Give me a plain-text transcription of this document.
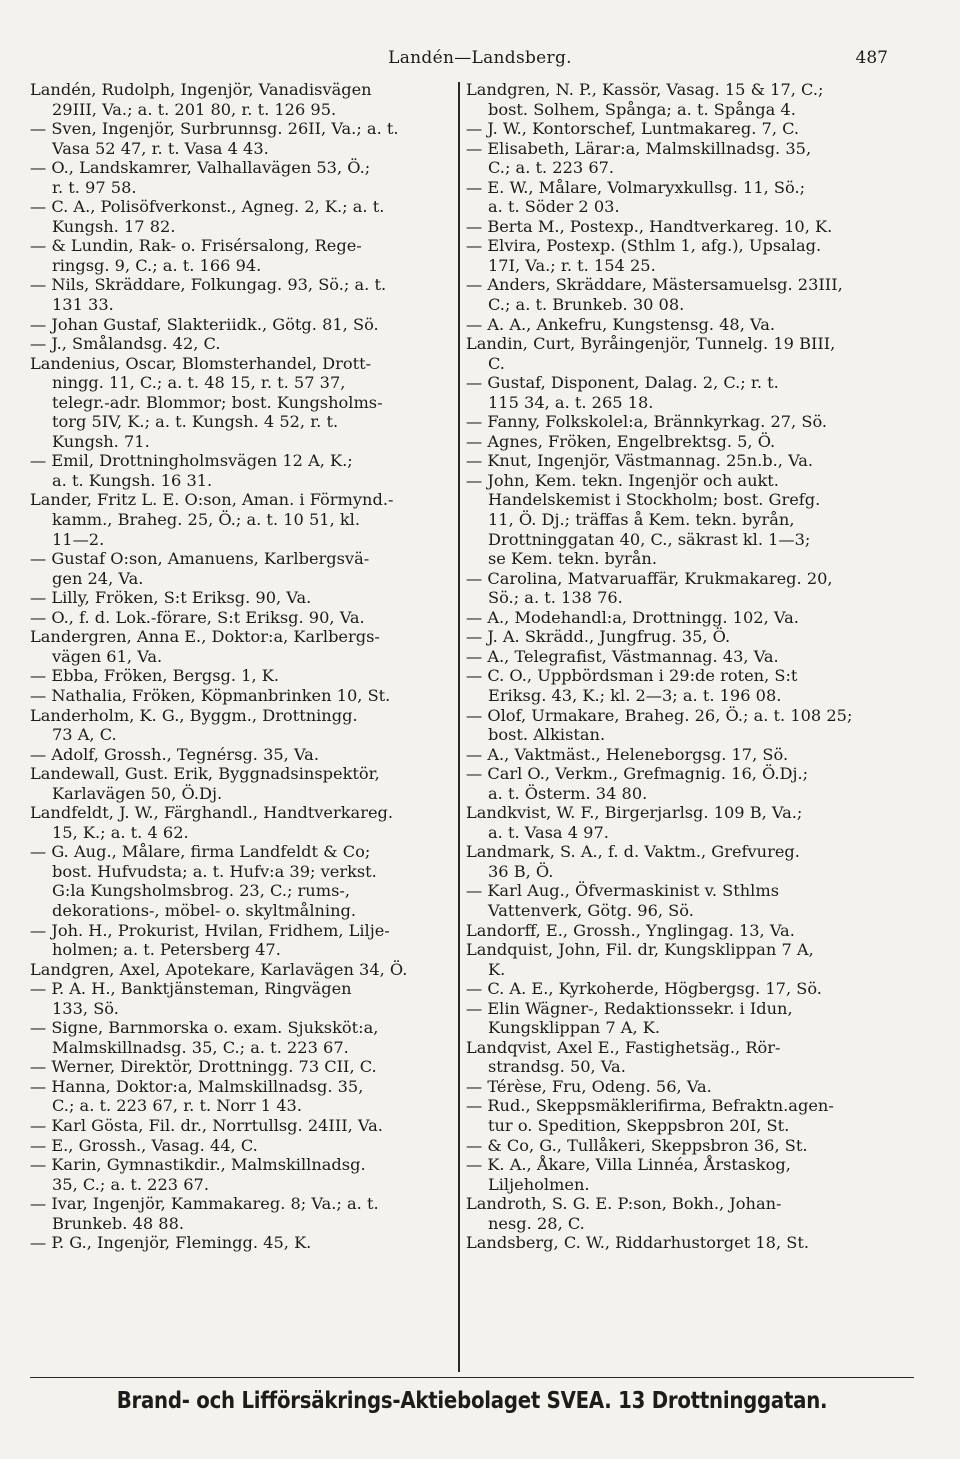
Landén—Landsberg.	487
Landén, Rudolph, Ingenjör, Vanadisvägen
29III, Va.; a. t. 201 80, r. t. 126 95.
— Sven, Ingenjör, Surbrunnsg. 26II, Va.; a. t.
Vasa 52 47, r. t. Vasa 4 43.
— O., Landskamrer, Valhallavägen 53, Ö.;
r. t. 97 58.
— C. A., Polisöfverkonst., Agneg. 2, K.; a. t.
Kungsh. 17 82.
— & Lundin, Rak- o. Frisérsalong, Rege-
ringsg. 9, C.; a. t. 166 94.
— Nils, Skräddare, Folkungag. 93, Sö.; a. t.
131 33.
— Johan Gustaf, Slakteriidk., Götg. 81, Sö.
— J., Smålandsg. 42, C.
Landenius, Oscar, Blomsterhandel, Drott-
ningg. 11, C.; a. t. 48 15, r. t. 57 37,
telegr.-adr. Blommor; bost. Kungsholms-
torg 5IV, K.; a. t. Kungsh. 4 52, r. t.
Kungsh. 71.
— Emil, Drottningholmsvägen 12 A, K.;
a. t. Kungsh. 16 31.
Lander, Fritz L. E. O:son, Aman. i Förmynd.-
kamm., Braheg. 25, Ö.; a. t. 10 51, kl.
11—2.
— Gustaf O:son, Amanuens, Karlbergsvä-
gen 24, Va.
— Lilly, Fröken, S:t Eriksg. 90, Va.
— O., f. d. Lok.-förare, S:t Eriksg. 90, Va.
Landergren, Anna E., Doktor:a, Karlbergs-
vägen 61, Va.
— Ebba, Fröken, Bergsg. 1, K.
— Nathalia, Fröken, Köpmanbrinken 10, St.
Landerholm, K. G., Byggm., Drottningg.
73 A, C.
— Adolf, Grossh., Tegnérsg. 35, Va.
Landewall, Gust. Erik, Byggnadsinspektör,
Karlavägen 50, Ö.Dj.
Landfeldt, J. W., Färghandl., Handtverkareg.
15, K.; a. t. 4 62.
— G. Aug., Målare, firma Landfeldt & Co;
bost. Hufvudsta; a. t. Hufv:a 39; verkst.
G:la Kungsholmsbrog. 23, C.; rums-,
dekorations-, möbel- o. skyltmålning.
— Joh. H., Prokurist, Hvilan, Fridhem, Lilje-
holmen; a. t. Petersberg 47.
Landgren, Axel, Apotekare, Karlavägen 34, Ö.
— P. A. H., Banktjänsteman, Ringvägen
133, Sö.
— Signe, Barnmorska o. exam. Sjuksköt:a,
Malmskillnadsg. 35, C.; a. t. 223 67.
— Werner, Direktör, Drottningg. 73 CII, C.
— Hanna, Doktor:a, Malmskillnadsg. 35,
C.; a. t. 223 67, r. t. Norr 1 43.
— Karl Gösta, Fil. dr., Norrtullsg. 24III, Va.
— E., Grossh., Vasag. 44, C.
— Karin, Gymnastikdir., Malmskillnadsg.
35, C.; a. t. 223 67.
— Ivar, Ingenjör, Kammakareg. 8; Va.; a. t.
Brunkeb. 48 88.
— P. G., Ingenjör, Flemingg. 45, K.
Landgren, N. P., Kassör, Vasag. 15 & 17, C.;
bost. Solhem, Spånga; a. t. Spånga 4.
— J. W., Kontorschef, Luntmakareg. 7, C.
— Elisabeth, Lärar:a, Malmskillnadsg. 35,
C.; a. t. 223 67.
— E. W., Målare, Volmaryxkullsg. 11, Sö.;
a. t. Söder 2 03.
— Berta M., Postexp., Handtverkareg. 10, K.
— Elvira, Postexp. (Sthlm 1, afg.), Upsalag.
17I, Va.; r. t. 154 25.
— Anders, Skräddare, Mästersamuelsg. 23III,
C.; a. t. Brunkeb. 30 08.
— A. A., Ankefru, Kungstensg. 48, Va.
Landin, Curt, Byråingenjör, Tunnelg. 19 BIII,
C.
— Gustaf, Disponent, Dalag. 2, C.; r. t.
115 34, a. t. 265 18.
— Fanny, Folkskolel:a, Brännkyrkag. 27, Sö.
— Agnes, Fröken, Engelbrektsg. 5, Ö.
— Knut, Ingenjör, Västmannag. 25n.b., Va.
— John, Kem. tekn. Ingenjör och aukt.
Handelskemist i Stockholm; bost. Grefg.
11, Ö. Dj.; träffas å Kem. tekn. byrån,
Drottninggatan 40, C., säkrast kl. 1—3;
se Kem. tekn. byrån.
— Carolina, Matvaruaffär, Krukmakareg. 20,
Sö.; a. t. 138 76.
— A., Modehandl:a, Drottningg. 102, Va.
— J. A. Skrädd., Jungfrug. 35, Ö.
— A., Telegrafist, Västmannag. 43, Va.
— C. O., Uppbördsman i 29:de roten, S:t
Eriksg. 43, K.; kl. 2—3; a. t. 196 08.
— Olof, Urmakare, Braheg. 26, Ö.; a. t. 108 25;
bost. Alkistan.
— A., Vaktmäst., Heleneborgsg. 17, Sö.
— Carl O., Verkm., Grefmagnig. 16, Ö.Dj.;
a. t. Österm. 34 80.
Landkvist, W. F., Birgerjarlsg. 109 B, Va.;
a. t. Vasa 4 97.
Landmark, S. A., f. d. Vaktm., Grefvureg.
36 B, Ö.
— Karl Aug., Öfvermaskinist v. Sthlms
Vattenverk, Götg. 96, Sö.
Landorff, E., Grossh., Ynglingag. 13, Va.
Landquist, John, Fil. dr, Kungsklippan 7 A,
K.
— C. A. E., Kyrkoherde, Högbergsg. 17, Sö.
— Elin Wägner-, Redaktionssekr. i Idun,
Kungsklippan 7 A, K.
Landqvist, Axel E., Fastighetsäg., Rör-
strandsg. 50, Va.
— Térèse, Fru, Odeng. 56, Va.
— Rud., Skeppsmäklerifirma, Befraktn.agen-
tur o. Spedition, Skeppsbron 20I, St.
— & Co, G., Tullåkeri, Skeppsbron 36, St.
— K. A., Åkare, Villa Linnéa, Årstaskog,
Liljeholmen.
Landroth, S. G. E. P:son, Bokh., Johan-
nesg. 28, C.
Landsberg, C. W., Riddarhustorget 18, St.
Brand- och Lifförsäkrings-Aktiebolaget SVEA. 13 Drottninggatan.
